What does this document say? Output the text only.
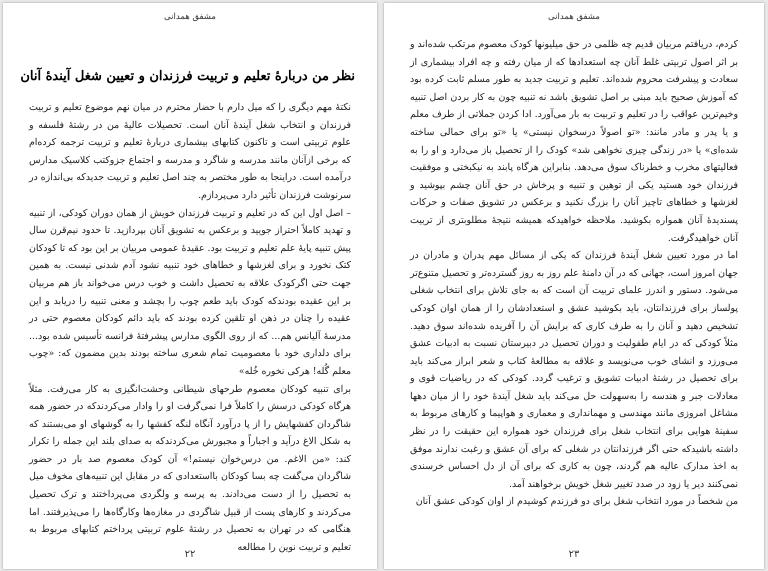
مشفق همدانی
نظر من دربارهٔ تعلیم و تربیت فرزندان و تعیین شغل آیندهٔ آنان

نکتهٔ مهم دیگری را که میل دارم با حضار محترم در میان نهم موضوع تعلیم و تربیت فرزندان و انتخاب شغل آیندهٔ آنان است. تحصیلات عالیهٔ من در رشتهٔ فلسفه و علوم تربیتی است و تاکنون کتابهای بیشماری دربارهٔ تعلیم و تربیت ترجمه کرده‌ام که برخی ازآنان مانند مدرسه و شاگرد و مدرسه و اجتماع جزوکتب کلاسیک مدارس درآمده است. دراینجا به طور مختصر به چند اصل تعلیم و تربیت جدیدکه بی‌اندازه در سرنوشت فرزندان تأثیر دارد می‌پردازم.

– اصل اول این که در تعلیم و تربیت فرزندان خویش از همان دوران کودکی، از تنبیه و تهدید کاملاً احتراز جویید و برعکس به تشویق آنان بپردازید. تا حدود نیم‌قرن سال پیش تنبیه پایهٔ علم تعلیم و تربیت بود. عقیدهٔ عمومی مربیان بر این بود که تا کودکان کتک نخورد و برای لغزشها و خطاهای خود تنبیه نشود آدم شدنی نیست. به همین جهت حتی اگرکودک علاقه به تحصیل داشت و خوب درس می‌خواند باز هم مربیان بر این عقیده بودندکه کودک باید طعم چوب را بچشد و معنی تنبیه را دریابد و این عقیده را چنان در ذهن او تلقین کرده بودند که باید دائم کودکان معصوم حتی در مدرسهٔ آلیانس هم... که از روی الگوی مدارس پیشرفتهٔ فرانسه تأسیس شده بود... برای دلداری خود با معصومیت تمام شعری ساخته بودند بدین مضمون که: «چوب معلم گُله! هرکی نخوره خُله»

برای تنبیه کودکان معصوم طرحهای شیطانی وحشت‌انگیزی به کار می‌رفت. مثلاً هرگاه کودکی درسش را کاملاً فرا نمی‌گرفت او را وادار می‌کردندکه در حضور همه شاگردان کفشهایش را از پا درآورد آنگاه لنگه کفشها را به گوشهای او می‌بستند که به شکل الاغ درآید و اجباراً و مجبورش می‌کردندکه به صدای بلند این جمله را تکرار کند: «من الاغم. من درس‌خوان نیستم!» آن کودک معصوم صد بار در حضور شاگردان می‌گفت چه بسا کودکان بااستعدادی که در مقابل این تنبیه‌های مخوف میل به تحصیل را از دست می‌دادند. به پرسه و ولگردی می‌پرداختند و ترک تحصیل می‌کردند و کارهای پست از قبیل شاگردی در مغازه‌ها وکارگاه‌ها را می‌پذیرفتند. اما هنگامی که در تهران به تحصیل در رشتهٔ علوم تربیتی پرداختم کتابهای مربوط به تعلیم و تربیت نوین را مطالعه

۲۲
مشفق همدانی

کردم، دریافتم مربیان قدیم چه ظلمی در حق میلیونها کودک معصوم مرتکب شده‌اند و بر اثر اصول تربیتی غلط آنان چه استعدادها که از میان رفته و چه افراد بیشماری از سعادت و پیشرفت محروم شده‌اند. تعلیم و تربیت جدید به طور مسلم ثابت کرده بود که آموزش صحیح باید مبنی بر اصل تشویق باشد نه تنبیه چون به کار بردن اصل تنبیه وخیم‌ترین عواقب را در تعلیم و تربیت به بار می‌آورد. ادا کردن جملاتی از طرف معلم و یا پدر و مادر مانند: «تو اصولاً درسخوان نیستی» یا «تو برای حمالی ساخته شده‌ای» یا «در زندگی چیزی نخواهی شد» کودک را از تحصیل باز می‌دارد و او را به فعالیتهای مخرب و خطرناک سوق می‌دهد. بنابراین هرگاه پابند به نیکبختی و موفقیت فرزندان خود هستید یکی از توهین و تنبیه و پرخاش در حق آنان چشم بپوشید و لغزشها و خطاهای تاچیز آنان را بزرگ نکنید و برعکس در تشویق صفات و حرکات پسندیدهٔ آنان همواره بکوشید. ملاحظه خواهیدکه همیشه نتیجهٔ مطلوبتری از تربیت آنان خواهیدگرفت.

اما در مورد تعیین شغل آیندهٔ فرزندان که یکی از مسائل مهم پدران و مادران در جهان امروز است، جهانی که در آن دامنهٔ علم روز به روز گسترده‌تر و تحصیل متنوع‌تر می‌شود. دستور و اندرز علمای تربیت آن است که به جای تلاش برای انتخاب شغلی پولساز برای فرزندانتان، باید بکوشید عشق و استعدادشان را از همان اوان کودکی تشخیص دهید و آنان را به طرف کاری که برایش آن را آفریده شده‌اند سوق دهید. مثلاً کودکی که در ایام طفولیت و دوران تحصیل در دبیرستان نسبت به ادبیات عشق می‌ورزد و انشای خوب می‌نویسد و علاقه به مطالعهٔ کتاب و شعر ابراز می‌کند باید برای تحصیل در رشتهٔ ادبیات تشویق و ترغیب گردد. کودکی که در ریاضیات قوی و معادلات جبر و هندسه را به‌سهولت حل می‌کند باید شغل آیندهٔ خود را از میان دهها مشاغل امروزی مانند مهندسی و مهمانداری و معماری و هواپیما و کارهای مربوط به سفینهٔ هوایی برای انتخاب شغل برای فرزندان خود همواره این حقیقت را در نظر داشته باشیدکه حتی اگر فرزندانتان در شغلی که برای آن عشق و رغبت ندارند موفق به اخذ مدارک عالیه هم گردند، چون به کاری که برای آن از دل احساس خرسندی نمی‌کنند دیر یا زود در صدد تغییر شغل خویش برخواهند آمد.

من شخصاً در مورد انتخاب شغل برای دو فرزندم کوشیدم از اوان کودکی عشق آنان

۲۳
